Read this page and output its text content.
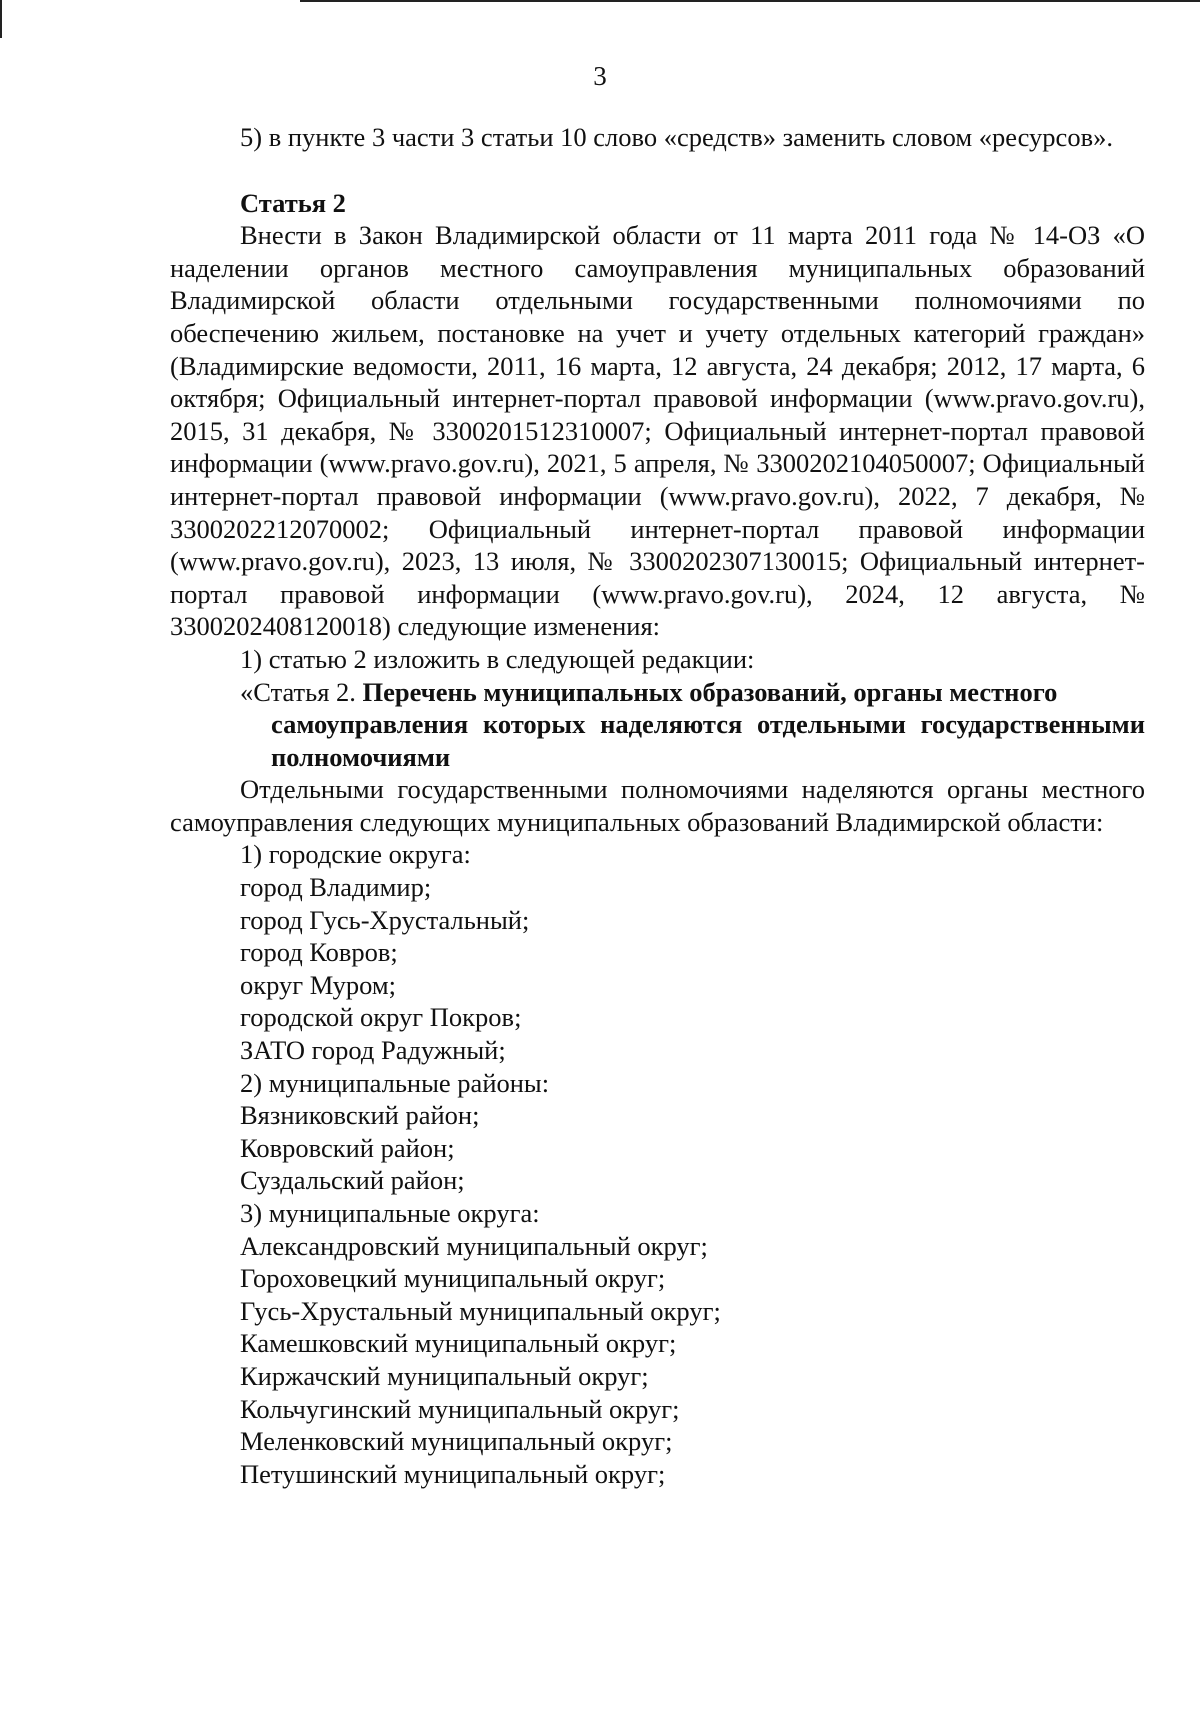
3

5) в пункте 3 части 3 статьи 10 слово «средств» заменить словом «ресурсов».

Статья 2

Внести в Закон Владимирской области от 11 марта 2011 года № 14-ОЗ «О наделении органов местного самоуправления муниципальных образований Владимирской области отдельными государственными полномочиями по обеспечению жильем, постановке на учет и учету отдельных категорий граждан» (Владимирские ведомости, 2011, 16 марта, 12 августа, 24 декабря; 2012, 17 марта, 6 октября; Официальный интернет-портал правовой информации (www.pravo.gov.ru), 2015, 31 декабря, № 3300201512310007; Официальный интернет-портал правовой информации (www.pravo.gov.ru), 2021, 5 апреля, № 3300202104050007; Официальный интернет-портал правовой информации (www.pravo.gov.ru), 2022, 7 декабря, № 3300202212070002; Официальный интернет-портал правовой информации (www.pravo.gov.ru), 2023, 13 июля, № 3300202307130015; Официальный интернет-портал правовой информации (www.pravo.gov.ru), 2024, 12 августа, № 3300202408120018) следующие изменения:

1) статью 2 изложить в следующей редакции:

«Статья 2. Перечень муниципальных образований, органы местного
самоуправления которых наделяются отдельными государственными полномочиями

Отдельными государственными полномочиями наделяются органы местного самоуправления следующих муниципальных образований Владимирской области:

1) городские округа:
город Владимир;
город Гусь-Хрустальный;
город Ковров;
округ Муром;
городской округ Покров;
ЗАТО город Радужный;
2) муниципальные районы:
Вязниковский район;
Ковровский район;
Суздальский район;
3) муниципальные округа:
Александровский муниципальный округ;
Гороховецкий муниципальный округ;
Гусь-Хрустальный муниципальный округ;
Камешковский муниципальный округ;
Киржачский муниципальный округ;
Кольчугинский муниципальный округ;
Меленковский муниципальный округ;
Петушинский муниципальный округ;
